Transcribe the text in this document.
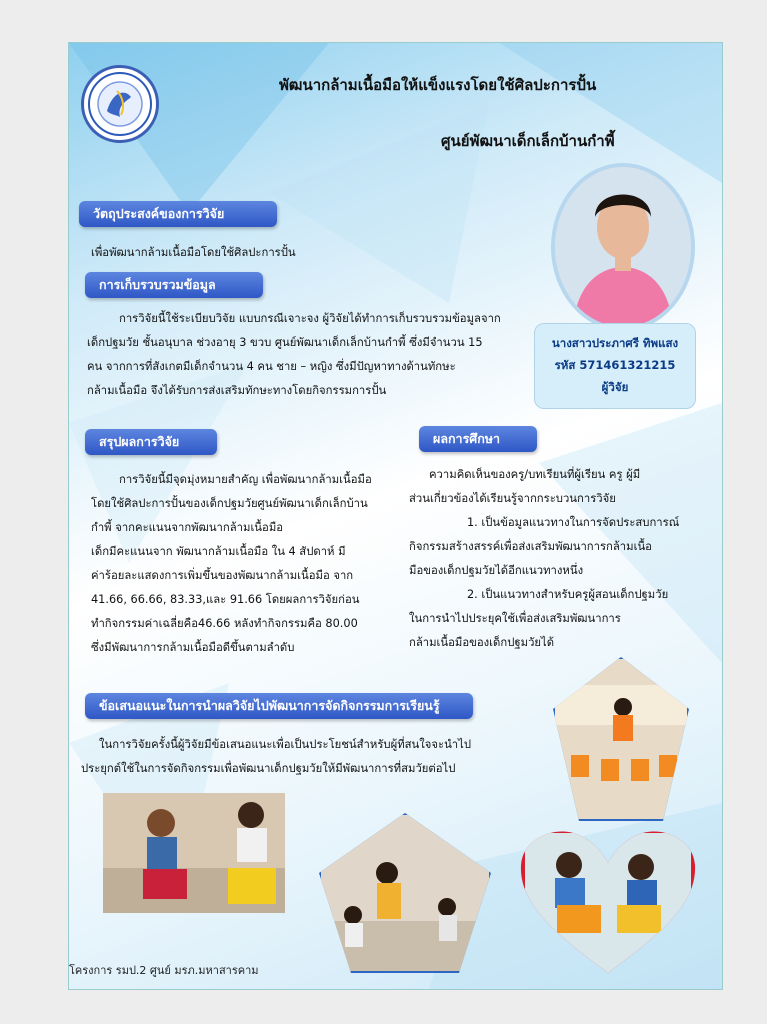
พัฒนากล้ามเนื้อมือให้แข็งแรงโดยใช้ศิลปะการปั้น
ศูนย์พัฒนาเด็กเล็กบ้านกำพี้
นางสาวประภาศรี ทิพแสง
รหัส 571461321215
ผู้วิจัย
วัตถุประสงค์ของการวิจัย
เพื่อพัฒนากล้ามเนื้อมือโดยใช้ศิลปะการปั้น
การเก็บรวบรวมข้อมูล

การวิจัยนี้ใช้ระเบียบวิจัย แบบกรณีเจาะจง ผู้วิจัยได้ทำการเก็บรวบรวมข้อมูลจาก

เด็กปฐมวัย ชั้นอนุบาล ช่วงอายุ 3 ขวบ ศูนย์พัฒนาเด็กเล็กบ้านกำพี้ ซึ่งมีจำนวน 15

คน จากการที่สังเกตมีเด็กจำนวน 4 คน ชาย – หญิง ซึ่งมีปัญหาทางด้านทักษะ

กล้ามเนื้อมือ จึงได้รับการส่งเสริมทักษะทางโดยกิจกรรมการปั้น

สรุปผลการวิจัย

การวิจัยนี้มีจุดมุ่งหมายสำคัญ เพื่อพัฒนากล้ามเนื้อมือ

โดยใช้ศิลปะการปั้นของเด็กปฐมวัยศูนย์พัฒนาเด็กเล็กบ้าน

กำพี้ จากคะแนนจากพัฒนากล้ามเนื้อมือ

เด็กมีคะแนนจาก พัฒนากล้ามเนื้อมือ ใน 4 สัปดาห์ มี

ค่าร้อยละแสดงการเพิ่มขึ้นของพัฒนากล้ามเนื้อมือ จาก

41.66, 66.66, 83.33,และ 91.66 โดยผลการวิจัยก่อน

ทำกิจกรรมค่าเฉลี่ยคือ46.66 หลังทำกิจกรรมคือ 80.00

ซึ่งมีพัฒนาการกล้ามเนื้อมือดีขึ้นตามลำดับ

ผลการศึกษา

ความคิดเห็นของครู/บทเรียนที่ผู้เรียน ครู ผู้มี

ส่วนเกี่ยวข้องได้เรียนรู้จากกระบวนการวิจัย

1. เป็นข้อมูลแนวทางในการจัดประสบการณ์

กิจกรรมสร้างสรรค์เพื่อส่งเสริมพัฒนาการกล้ามเนื้อ

มือของเด็กปฐมวัยได้อีกแนวทางหนึ่ง

2. เป็นแนวทางสำหรับครูผู้สอนเด็กปฐมวัย

ในการนำไปประยุคใช้เพื่อส่งเสริมพัฒนาการ

กล้ามเนื้อมือของเด็กปฐมวัยได้

ข้อเสนอแนะในการนำผลวิจัยไปพัฒนาการจัดกิจกรรมการเรียนรู้

ในการวิจัยครั้งนี้ผู้วิจัยมีข้อเสนอแนะเพื่อเป็นประโยชน์สำหรับผู้ที่สนใจจะนำไป

ประยุกต์ใช้ในการจัดกิจกรรมเพื่อพัฒนาเด็กปฐมวัยให้มีพัฒนาการที่สมวัยต่อไป

โครงการ รมป.2 ศูนย์ มรภ.มหาสารคาม
